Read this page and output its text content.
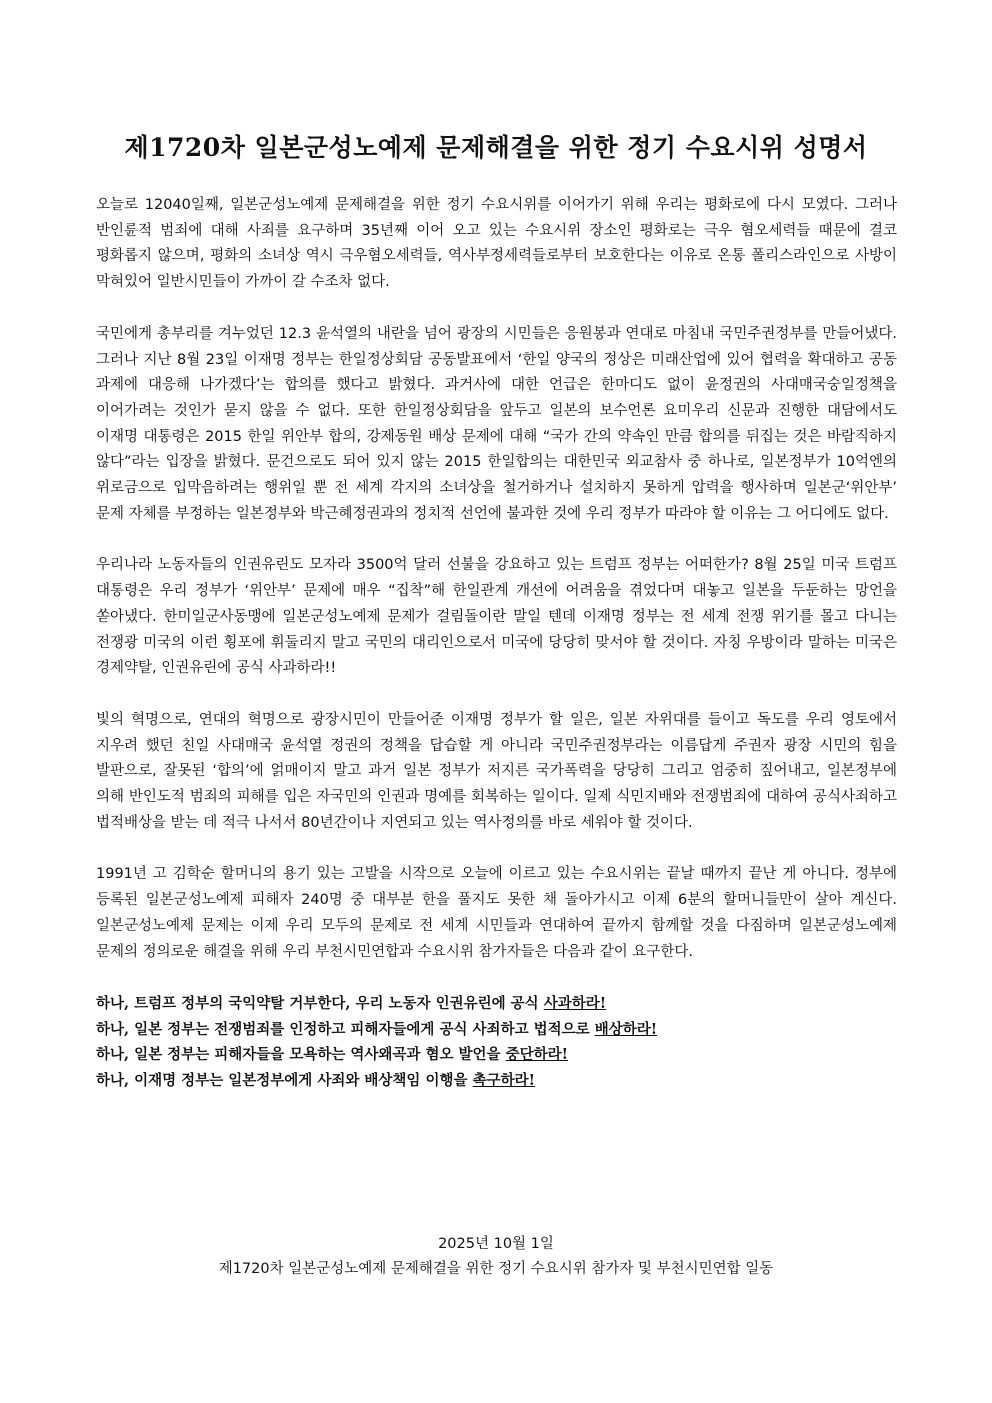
제1720차 일본군성노예제 문제해결을 위한 정기 수요시위 성명서

오늘로 12040일째, 일본군성노예제 문제해결을 위한 정기 수요시위를 이어가기 위해 우리는 평화로에 다시 모였다. 그러나 반인륜적 범죄에 대해 사죄를 요구하며 35년째 이어 오고 있는 수요시위 장소인 평화로는 극우 혐오세력들 때문에 결코 평화롭지 않으며, 평화의 소녀상 역시 극우혐오세력들, 역사부정세력들로부터 보호한다는 이유로 온통 폴리스라인으로 사방이 막혀있어 일반시민들이 가까이 갈 수조차 없다.

국민에게 총부리를 겨누었던 12.3 윤석열의 내란을 넘어 광장의 시민들은 응원봉과 연대로 마침내 국민주권정부를 만들어냈다. 그러나 지난 8월 23일 이재명 정부는 한일정상회담 공동발표에서 ‘한일 양국의 정상은 미래산업에 있어 협력을 확대하고 공동 과제에 대응해 나가겠다’는 합의를 했다고 밝혔다. 과거사에 대한 언급은 한마디도 없이 윤정권의 사대매국숭일정책을 이어가려는 것인가 묻지 않을 수 없다. 또한 한일정상회담을 앞두고 일본의 보수언론 요미우리 신문과 진행한 대담에서도 이재명 대통령은 2015 한일 위안부 합의, 강제동원 배상 문제에 대해 “국가 간의 약속인 만큼 합의를 뒤집는 것은 바람직하지 않다”라는 입장을 밝혔다. 문건으로도 되어 있지 않는 2015 한일합의는 대한민국 외교참사 중 하나로, 일본정부가 10억엔의 위로금으로 입막음하려는 행위일 뿐 전 세계 각지의 소녀상을 철거하거나 설치하지 못하게 압력을 행사하며 일본군‘위안부’ 문제 자체를 부정하는 일본정부와 박근혜정권과의 정치적 선언에 불과한 것에 우리 정부가 따라야 할 이유는 그 어디에도 없다.

우리나라 노동자들의 인권유린도 모자라 3500억 달러 선불을 강요하고 있는 트럼프 정부는 어떠한가? 8월 25일 미국 트럼프 대통령은 우리 정부가 ‘위안부’ 문제에 매우 “집착”해 한일관계 개선에 어려움을 겪었다며 대놓고 일본을 두둔하는 망언을 쏟아냈다. 한미일군사동맹에 일본군성노예제 문제가 걸림돌이란 말일 텐데 이재명 정부는 전 세계 전쟁 위기를 몰고 다니는 전쟁광 미국의 이런 횡포에 휘둘리지 말고 국민의 대리인으로서 미국에 당당히 맞서야 할 것이다. 자칭 우방이라 말하는 미국은 경제약탈, 인권유린에 공식 사과하라!!

빛의 혁명으로, 연대의 혁명으로 광장시민이 만들어준 이재명 정부가 할 일은, 일본 자위대를 들이고 독도를 우리 영토에서 지우려 했던 친일 사대매국 윤석열 정권의 정책을 답습할 게 아니라 국민주권정부라는 이름답게 주권자 광장 시민의 힘을 발판으로, 잘못된 ‘합의’에 얽매이지 말고 과거 일본 정부가 저지른 국가폭력을 당당히 그리고 엄중히 짚어내고, 일본정부에 의해 반인도적 범죄의 피해를 입은 자국민의 인권과 명예를 회복하는 일이다. 일제 식민지배와 전쟁범죄에 대하여 공식사죄하고 법적배상을 받는 데 적극 나서서 80년간이나 지연되고 있는 역사정의를 바로 세워야 할 것이다.

1991년 고 김학순 할머니의 용기 있는 고발을 시작으로 오늘에 이르고 있는 수요시위는 끝날 때까지 끝난 게 아니다. 정부에 등록된 일본군성노예제 피해자 240명 중 대부분 한을 풀지도 못한 채 돌아가시고 이제 6분의 할머니들만이 살아 계신다. 일본군성노예제 문제는 이제 우리 모두의 문제로 전 세계 시민들과 연대하여 끝까지 함께할 것을 다짐하며 일본군성노예제 문제의 정의로운 해결을 위해 우리 부천시민연합과 수요시위 참가자들은 다음과 같이 요구한다.

하나, 트럼프 정부의 국익약탈 거부한다, 우리 노동자 인권유린에 공식 사과하라!
하나, 일본 정부는 전쟁범죄를 인정하고 피해자들에게 공식 사죄하고 법적으로 배상하라!
하나, 일본 정부는 피해자들을 모욕하는 역사왜곡과 혐오 발언을 중단하라!
하나, 이재명 정부는 일본정부에게 사죄와 배상책임 이행을 촉구하라!
2025년 10월 1일
제1720차 일본군성노예제 문제해결을 위한 정기 수요시위 참가자 및 부천시민연합 일동
